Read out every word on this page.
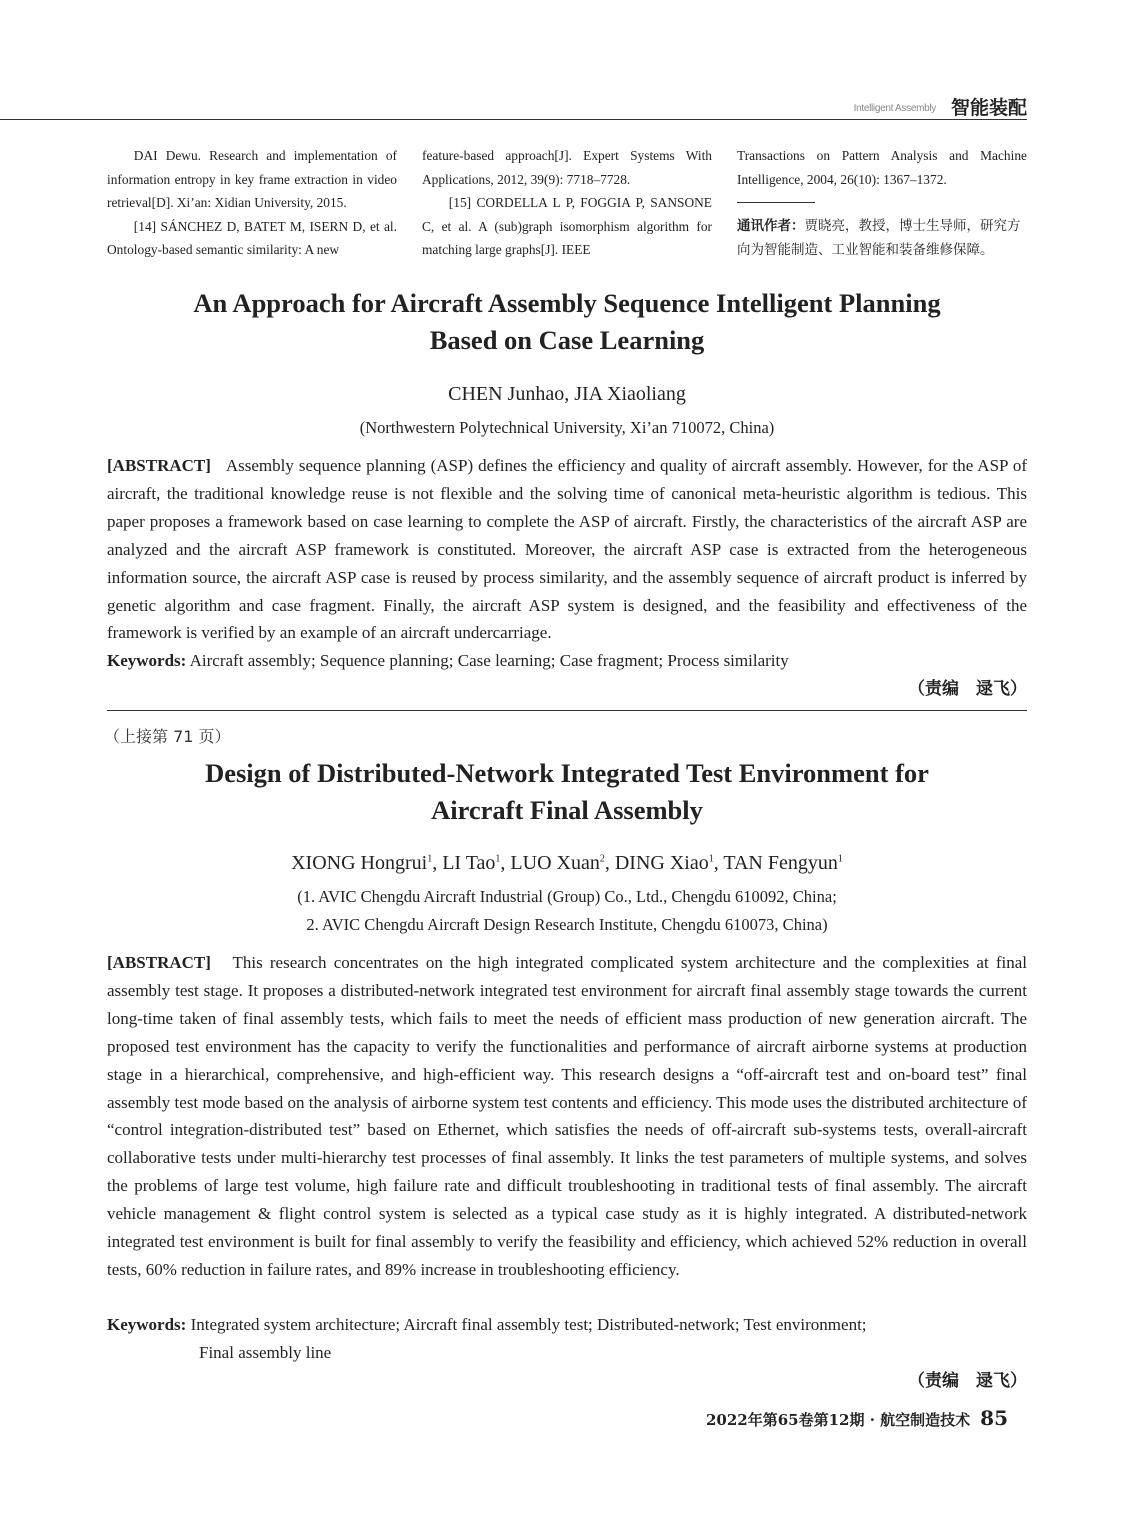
Intelligent Assembly 智能装配

DAI Dewu. Research and implementation of information entropy in key frame extraction in video retrieval[D]. Xi’an: Xidian University, 2015.

[14] SÁNCHEZ D, BATET M, ISERN D, et al. Ontology-based semantic similarity: A new

feature-based approach[J]. Expert Systems With Applications, 2012, 39(9): 7718–7728.

[15] CORDELLA L P, FOGGIA P, SANSONE C, et al. A (sub)graph isomorphism algorithm for matching large graphs[J]. IEEE

Transactions on Pattern Analysis and Machine Intelligence, 2004, 26(10): 1367–1372.

通讯作者：贾晓亮，教授，博士生导师，研究方向为智能制造、工业智能和装备维修保障。
An Approach for Aircraft Assembly Sequence Intelligent Planning
Based on Case Learning
CHEN Junhao, JIA Xiaoliang
(Northwestern Polytechnical University, Xi’an 710072, China)

[ABSTRACT] Assembly sequence planning (ASP) defines the efficiency and quality of aircraft assembly. However, for the ASP of aircraft, the traditional knowledge reuse is not flexible and the solving time of canonical meta-heuristic algorithm is tedious. This paper proposes a framework based on case learning to complete the ASP of aircraft. Firstly, the characteristics of the aircraft ASP are analyzed and the aircraft ASP framework is constituted. Moreover, the aircraft ASP case is extracted from the heterogeneous information source, the aircraft ASP case is reused by process similarity, and the assembly sequence of aircraft product is inferred by genetic algorithm and case fragment. Finally, the aircraft ASP system is designed, and the feasibility and effectiveness of the framework is verified by an example of an aircraft undercarriage.

Keywords: Aircraft assembly; Sequence planning; Case learning; Case fragment; Process similarity
（责编　逯飞）
（上接第 71 页）
Design of Distributed-Network Integrated Test Environment for
Aircraft Final Assembly
XIONG Hongrui$^1$, LI Tao$^1$, LUO Xuan$^2$, DING Xiao$^1$, TAN Fengyun$^1$
(1. AVIC Chengdu Aircraft Industrial (Group) Co., Ltd., Chengdu 610092, China;
2. AVIC Chengdu Aircraft Design Research Institute, Chengdu 610073, China)

[ABSTRACT] This research concentrates on the high integrated complicated system architecture and the complexities at final assembly test stage. It proposes a distributed-network integrated test environment for aircraft final assembly stage towards the current long-time taken of final assembly tests, which fails to meet the needs of efficient mass production of new generation aircraft. The proposed test environment has the capacity to verify the functionalities and performance of aircraft airborne systems at production stage in a hierarchical, comprehensive, and high-efficient way. This research designs a “off-aircraft test and on-board test” final assembly test mode based on the analysis of airborne system test contents and efficiency. This mode uses the distributed architecture of “control integration-distributed test” based on Ethernet, which satisfies the needs of off-aircraft sub-systems tests, overall-aircraft collaborative tests under multi-hierarchy test processes of final assembly. It links the test parameters of multiple systems, and solves the problems of large test volume, high failure rate and difficult troubleshooting in traditional tests of final assembly. The aircraft vehicle management & flight control system is selected as a typical case study as it is highly integrated. A distributed-network integrated test environment is built for final assembly to verify the feasibility and efficiency, which achieved 52% reduction in overall tests, 60% reduction in failure rates, and 89% increase in troubleshooting efficiency.

Keywords: Integrated system architecture; Aircraft final assembly test; Distributed-network; Test environment;
Final assembly line
（责编　逯飞）
2022年第65卷第12期 · 航空制造技术 85
